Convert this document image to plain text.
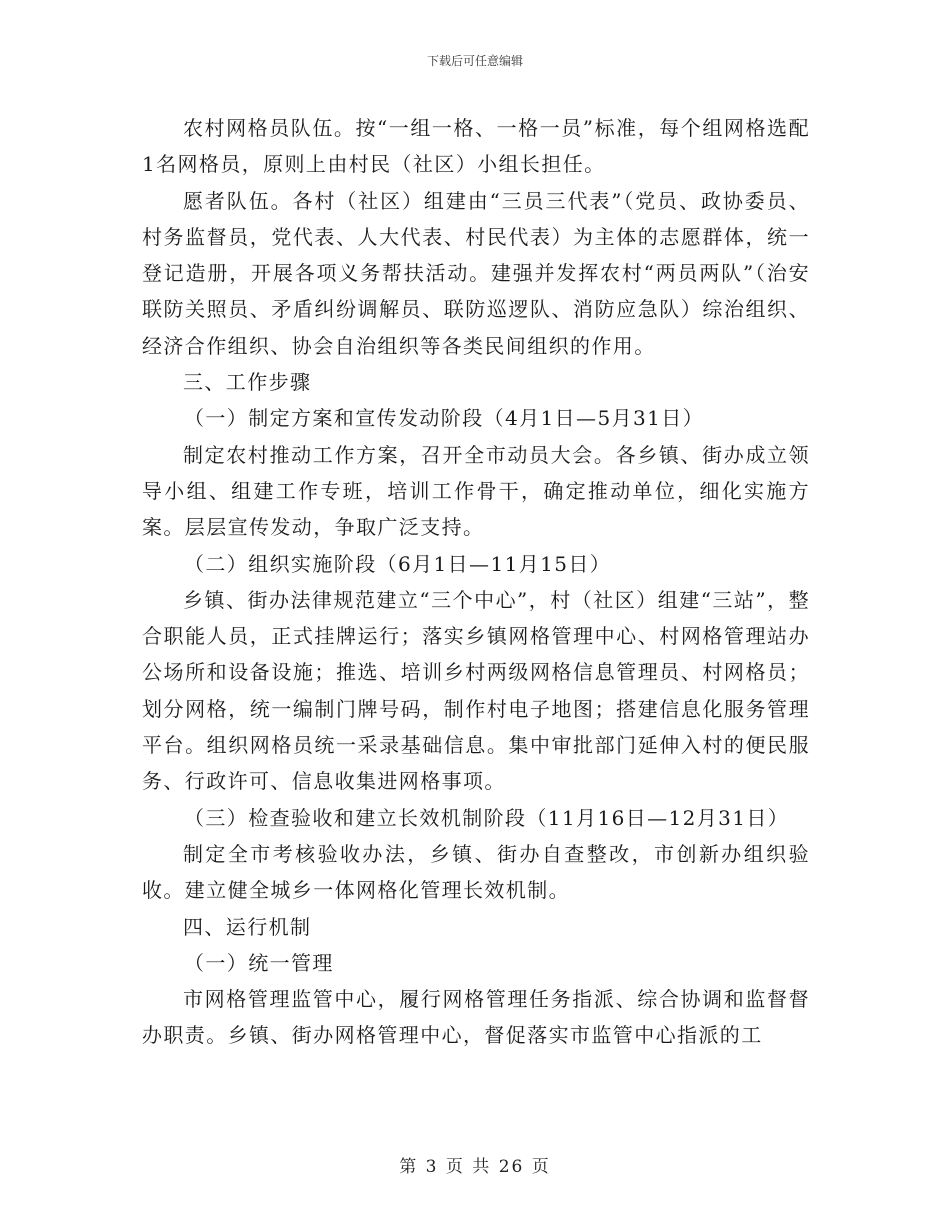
下载后可任意编辑

农村网格员队伍。按“一组一格、一格一员”标准，每个组网格选配1名网格员，原则上由村民（社区）小组长担任。

愿者队伍。各村（社区）组建由“三员三代表”（党员、政协委员、村务监督员，党代表、人大代表、村民代表）为主体的志愿群体，统一登记造册，开展各项义务帮扶活动。建强并发挥农村“两员两队”（治安联防关照员、矛盾纠纷调解员、联防巡逻队、消防应急队）综治组织、经济合作组织、协会自治组织等各类民间组织的作用。

三、工作步骤

（一）制定方案和宣传发动阶段（4月1日—5月31日）

制定农村推动工作方案，召开全市动员大会。各乡镇、街办成立领导小组、组建工作专班，培训工作骨干，确定推动单位，细化实施方案。层层宣传发动，争取广泛支持。

（二）组织实施阶段（6月1日—11月15日）

乡镇、街办法律规范建立“三个中心”，村（社区）组建“三站”，整合职能人员，正式挂牌运行；落实乡镇网格管理中心、村网格管理站办公场所和设备设施；推选、培训乡村两级网格信息管理员、村网格员；划分网格，统一编制门牌号码，制作村电子地图；搭建信息化服务管理平台。组织网格员统一采录基础信息。集中审批部门延伸入村的便民服务、行政许可、信息收集进网格事项。

（三）检查验收和建立长效机制阶段（11月16日—12月31日）

制定全市考核验收办法，乡镇、街办自查整改，市创新办组织验收。建立健全城乡一体网格化管理长效机制。

四、运行机制

（一）统一管理

市网格管理监管中心，履行网格管理任务指派、综合协调和监督督办职责。乡镇、街办网格管理中心，督促落实市监管中心指派的工

第 3 页 共 26 页
